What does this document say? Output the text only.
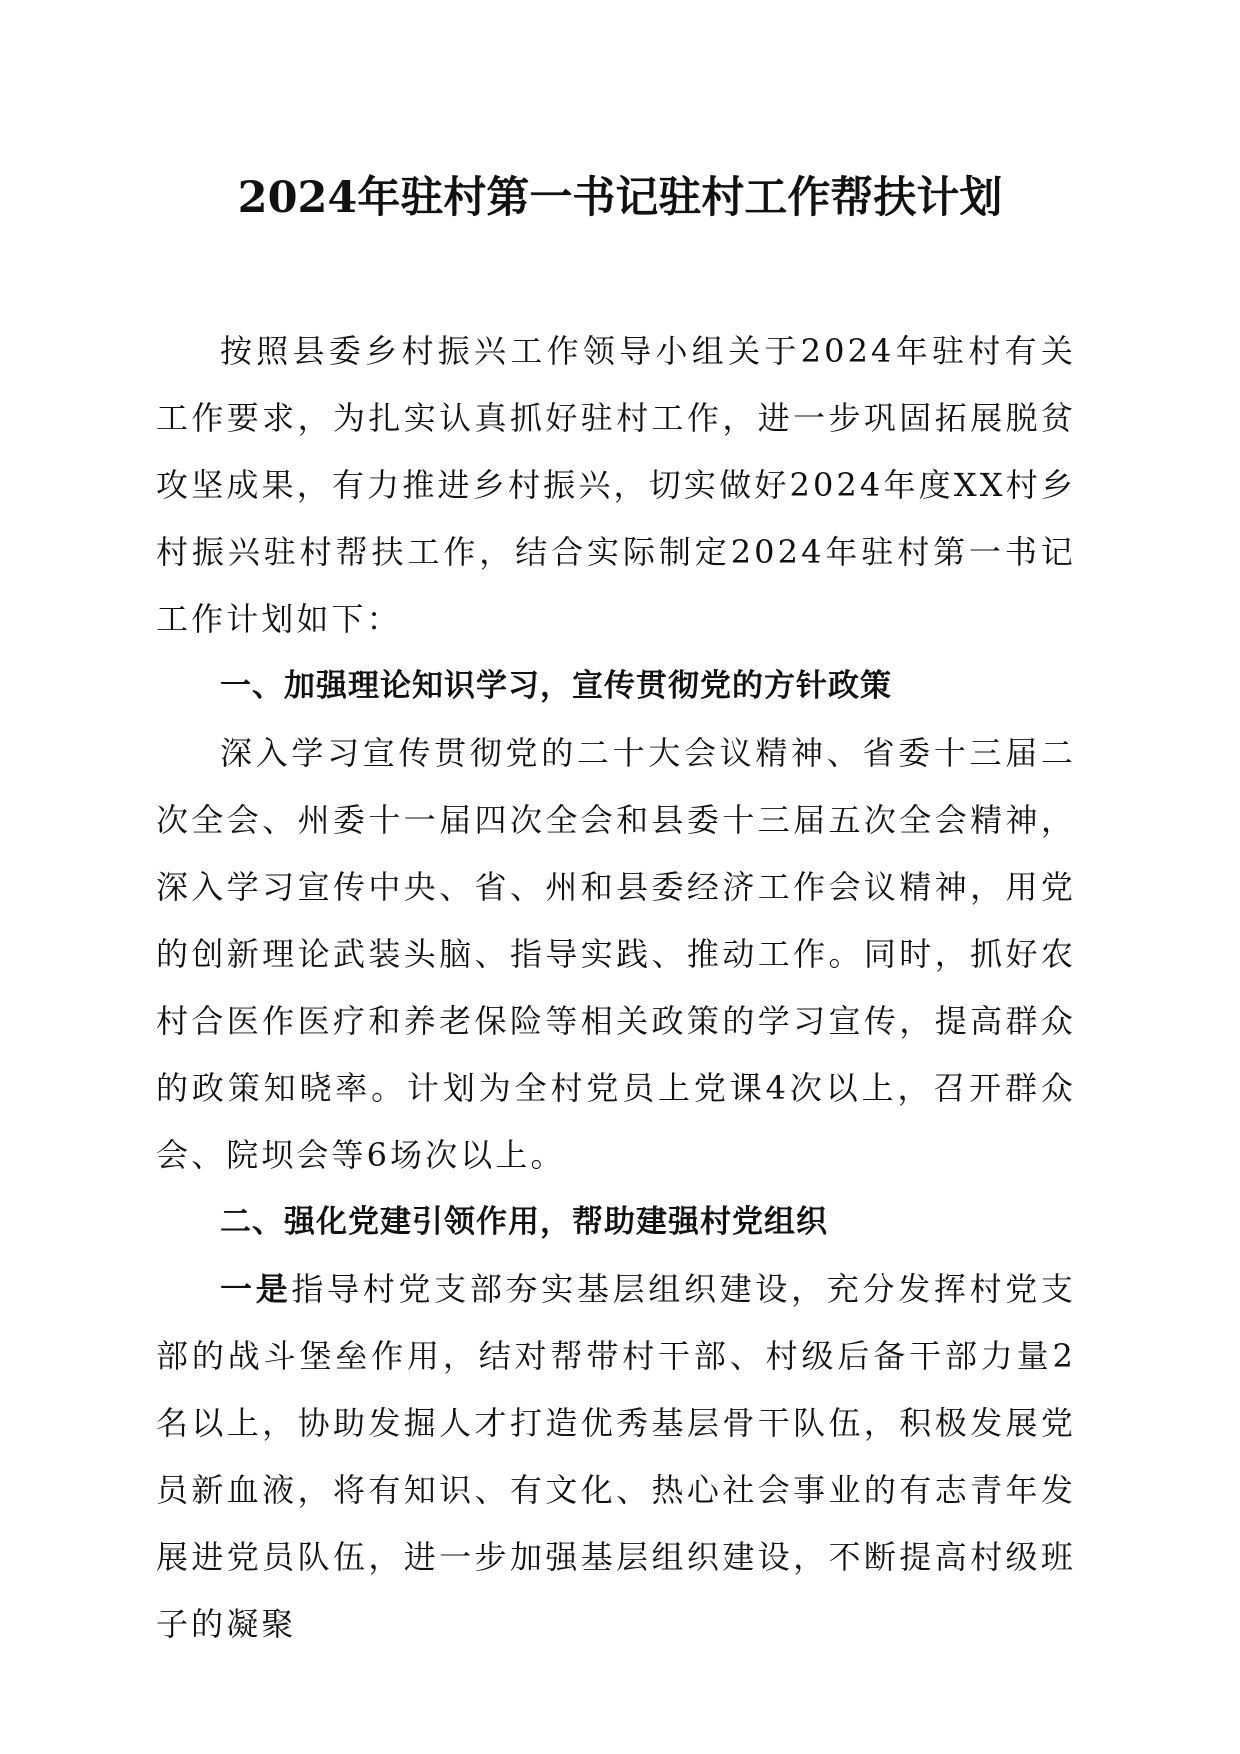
2024年驻村第一书记驻村工作帮扶计划

按照县委乡村振兴工作领导小组关于2024年驻村有关工作要求，为扎实认真抓好驻村工作，进一步巩固拓展脱贫攻坚成果，有力推进乡村振兴，切实做好2024年度XX村乡村振兴驻村帮扶工作，结合实际制定2024年驻村第一书记工作计划如下：

一、加强理论知识学习，宣传贯彻党的方针政策

深入学习宣传贯彻党的二十大会议精神、省委十三届二次全会、州委十一届四次全会和县委十三届五次全会精神，深入学习宣传中央、省、州和县委经济工作会议精神，用党的创新理论武装头脑、指导实践、推动工作。同时，抓好农村合医作医疗和养老保险等相关政策的学习宣传，提高群众的政策知晓率。计划为全村党员上党课4次以上，召开群众会、院坝会等6场次以上。

二、强化党建引领作用，帮助建强村党组织

一是指导村党支部夯实基层组织建设，充分发挥村党支部的战斗堡垒作用，结对帮带村干部、村级后备干部力量2名以上，协助发掘人才打造优秀基层骨干队伍，积极发展党员新血液，将有知识、有文化、热心社会事业的有志青年发展进党员队伍，进一步加强基层组织建设，不断提高村级班子的凝聚
